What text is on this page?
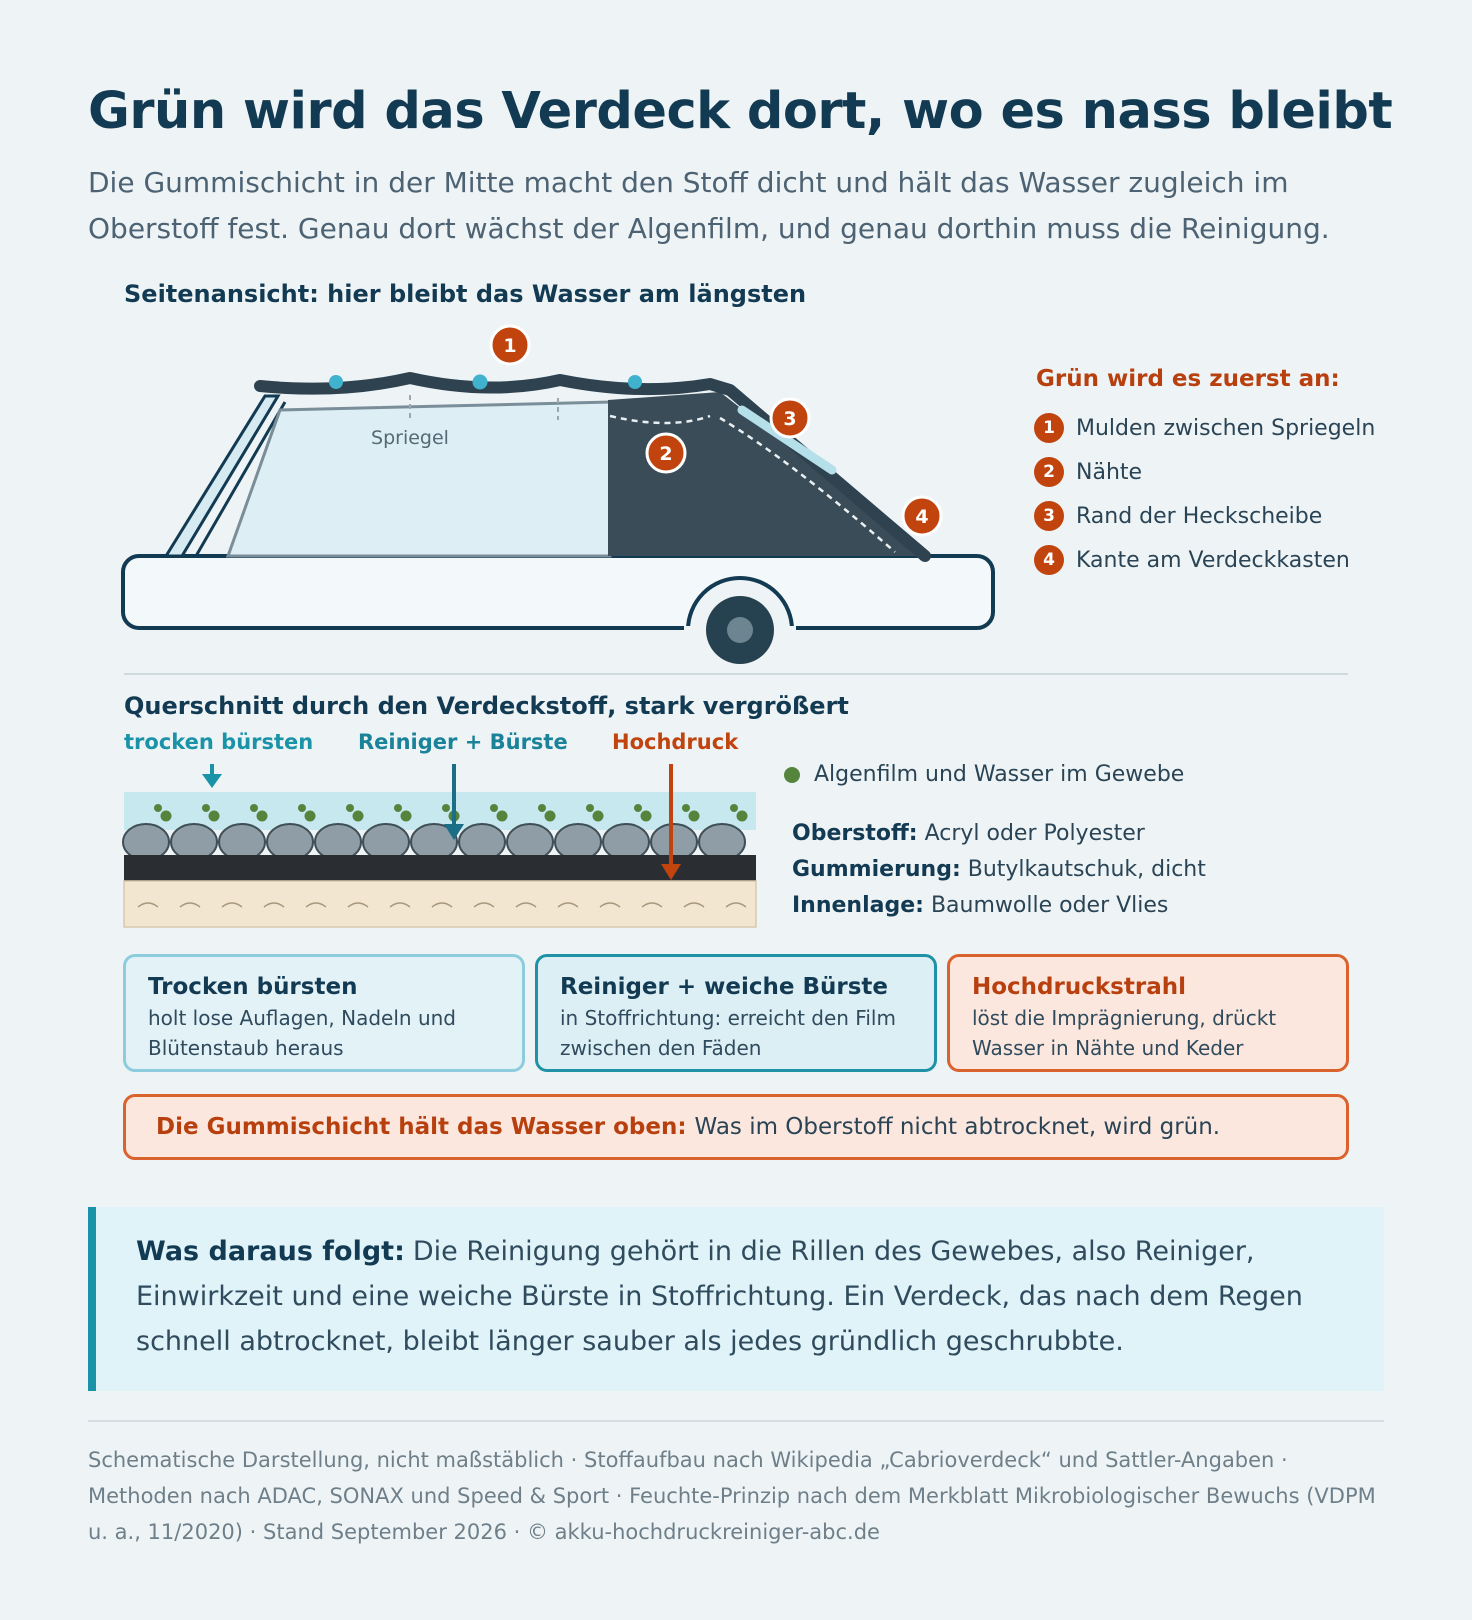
Grün wird das Verdeck dort, wo es nass bleibt

Die Gummischicht in der Mitte macht den Stoff dicht und hält das Wasser zugleich im Oberstoff fest. Genau dort wächst der Algenfilm, und genau dorthin muss die Reinigung.

Seitenansicht: hier bleibt das Wasser am längsten
Spriegel
1
2
3
4
Grün wird es zuerst an:
1 Mulden zwischen Spriegeln
2 Nähte
3 Rand der Heckscheibe
4 Kante am Verdeckkasten
Querschnitt durch den Verdeckstoff, stark vergrößert
trocken bürsten Reiniger + Bürste Hochdruck
Algenfilm und Wasser im Gewebe
Oberstoff: Acryl oder Polyester
Gummierung: Butylkautschuk, dicht
Innenlage: Baumwolle oder Vlies
Trocken bürsten
holt lose Auflagen, Nadeln und Blütenstaub heraus
Reiniger + weiche Bürste
in Stoffrichtung: erreicht den Film zwischen den Fäden
Hochdruckstrahl
löst die Imprägnierung, drückt Wasser in Nähte und Keder
Die Gummischicht hält das Wasser oben: Was im Oberstoff nicht abtrocknet, wird grün.
Was daraus folgt: Die Reinigung gehört in die Rillen des Gewebes, also Reiniger, Einwirkzeit und eine weiche Bürste in Stoffrichtung. Ein Verdeck, das nach dem Regen schnell abtrocknet, bleibt länger sauber als jedes gründlich geschrubbte.

Schematische Darstellung, nicht maßstäblich · Stoffaufbau nach Wikipedia „Cabrioverdeck“ und Sattler-Angaben · Methoden nach ADAC, SONAX und Speed & Sport · Feuchte-Prinzip nach dem Merkblatt Mikrobiologischer Bewuchs (VDPM u. a., 11/2020) · Stand September 2026 · © akku-hochdruckreiniger-abc.de
